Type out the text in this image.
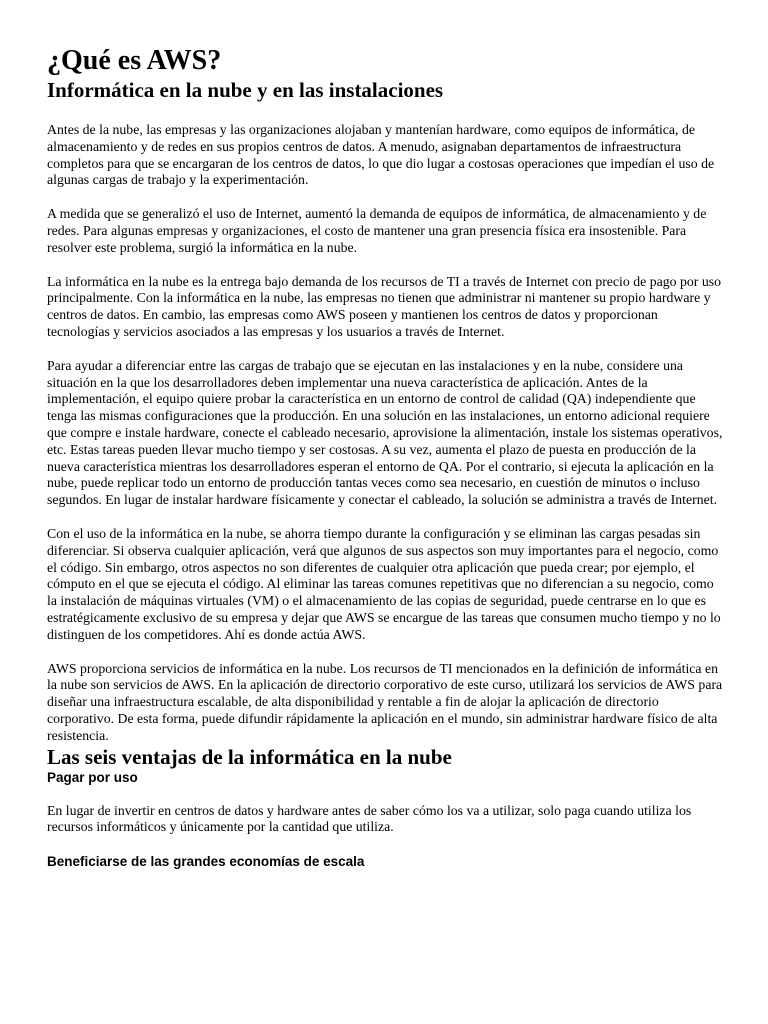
¿Qué es AWS?
Informática en la nube y en las instalaciones

Antes de la nube, las empresas y las organizaciones alojaban y mantenían hardware, como equipos de informática, de almacenamiento y de redes en sus propios centros de datos. A menudo, asignaban departamentos de infraestructura completos para que se encargaran de los centros de datos, lo que dio lugar a costosas operaciones que impedían el uso de algunas cargas de trabajo y la experimentación.

A medida que se generalizó el uso de Internet, aumentó la demanda de equipos de informática, de almacenamiento y de redes. Para algunas empresas y organizaciones, el costo de mantener una gran presencia física era insostenible. Para resolver este problema, surgió la informática en la nube.

La informática en la nube es la entrega bajo demanda de los recursos de TI a través de Internet con precio de pago por uso principalmente. Con la informática en la nube, las empresas no tienen que administrar ni mantener su propio hardware y centros de datos. En cambio, las empresas como AWS poseen y mantienen los centros de datos y proporcionan tecnologías y servicios asociados a las empresas y los usuarios a través de Internet.

Para ayudar a diferenciar entre las cargas de trabajo que se ejecutan en las instalaciones y en la nube, considere una situación en la que los desarrolladores deben implementar una nueva característica de aplicación. Antes de la implementación, el equipo quiere probar la característica en un entorno de control de calidad (QA) independiente que tenga las mismas configuraciones que la producción. En una solución en las instalaciones, un entorno adicional requiere que compre e instale hardware, conecte el cableado necesario, aprovisione la alimentación, instale los sistemas operativos, etc. Estas tareas pueden llevar mucho tiempo y ser costosas. A su vez, aumenta el plazo de puesta en producción de la nueva característica mientras los desarrolladores esperan el entorno de QA. Por el contrario, si ejecuta la aplicación en la nube, puede replicar todo un entorno de producción tantas veces como sea necesario, en cuestión de minutos o incluso segundos. En lugar de instalar hardware físicamente y conectar el cableado, la solución se administra a través de Internet.

Con el uso de la informática en la nube, se ahorra tiempo durante la configuración y se eliminan las cargas pesadas sin diferenciar. Si observa cualquier aplicación, verá que algunos de sus aspectos son muy importantes para el negocio, como el código. Sin embargo, otros aspectos no son diferentes de cualquier otra aplicación que pueda crear; por ejemplo, el cómputo en el que se ejecuta el código. Al eliminar las tareas comunes repetitivas que no diferencian a su negocio, como la instalación de máquinas virtuales (VM) o el almacenamiento de las copias de seguridad, puede centrarse en lo que es estratégicamente exclusivo de su empresa y dejar que AWS se encargue de las tareas que consumen mucho tiempo y no lo distinguen de los competidores. Ahí es donde actúa AWS.

AWS proporciona servicios de informática en la nube. Los recursos de TI mencionados en la definición de informática en la nube son servicios de AWS. En la aplicación de directorio corporativo de este curso, utilizará los servicios de AWS para diseñar una infraestructura escalable, de alta disponibilidad y rentable a fin de alojar la aplicación de directorio corporativo. De esta forma, puede difundir rápidamente la aplicación en el mundo, sin administrar hardware físico de alta resistencia.

Las seis ventajas de la informática en la nube
Pagar por uso

En lugar de invertir en centros de datos y hardware antes de saber cómo los va a utilizar, solo paga cuando utiliza los recursos informáticos y únicamente por la cantidad que utiliza.

Beneficiarse de las grandes economías de escala
